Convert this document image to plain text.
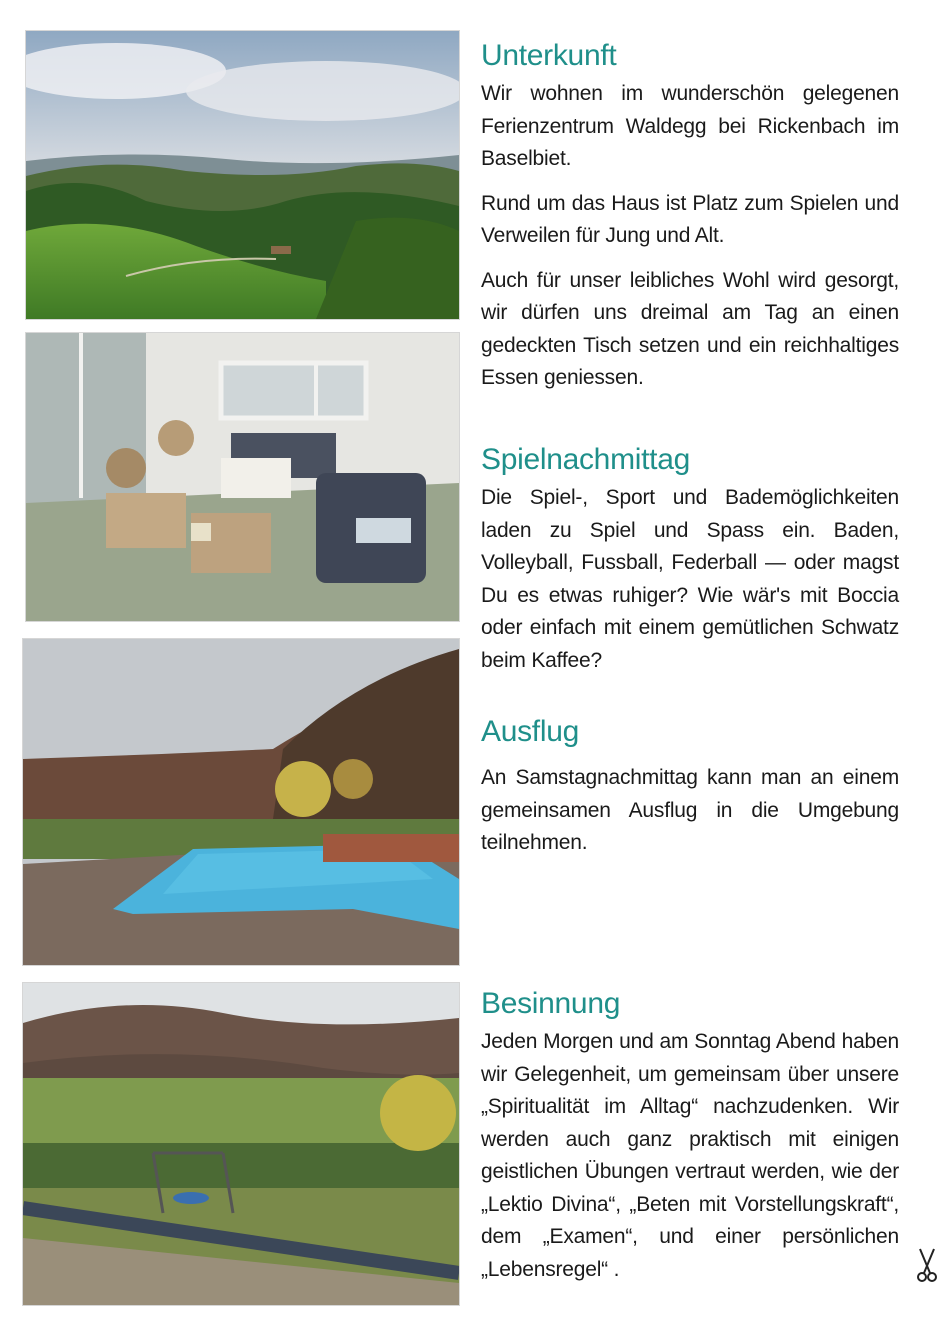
Unterkunft

Wir wohnen im wunderschön gelegenen Ferienzentrum Waldegg bei Rickenbach im Baselbiet.

Rund um das Haus ist Platz zum Spielen und Verweilen für Jung und Alt.

Auch für unser leibliches Wohl wird gesorgt, wir dürfen uns dreimal am Tag an einen gedeckten Tisch setzen und ein reichhaltiges Essen geniessen.

Spielnachmittag

Die Spiel-, Sport und Bademöglichkeiten laden zu Spiel und Spass ein. Baden, Volleyball, Fussball, Federball — oder magst Du es etwas ruhiger? Wie wär's mit Boccia oder einfach mit einem gemütlichen Schwatz beim Kaffee?

Ausflug

An Samstagnachmittag kann man an einem gemeinsamen Ausflug in die Umgebung teilnehmen.

Besinnung

Jeden Morgen und am Sonntag Abend haben wir Gelegenheit, um gemeinsam über unsere „Spiritualität im Alltag“ nachzudenken. Wir werden auch ganz praktisch mit einigen geistlichen Übungen vertraut werden, wie der „Lektio Divina“, „Beten mit Vorstellungskraft“, dem „Examen“, und einer persönlichen „Lebensregel“ .
